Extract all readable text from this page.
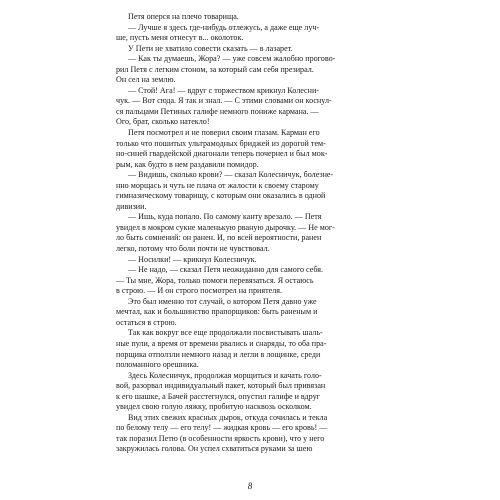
Петя оперся на плечо товарища.

— Лучше я здесь где-нибудь отлежусь, а даже еще луч-
ше, пусть меня отнесут в... околоток.

У Пети не хватило совести сказать — в лазарет.

— Как ты думаешь, Жора? — уже совсем жалобно прогово-
рил Петя с легким стоном, за который сам себя презирал.
Он сел на землю.

— Стой! Ага! — вдруг с торжеством крикнул Колесни-
чук. — Вот сюда. Я так и знал. — С этими словами он коснул-
ся пальцами Петиных галифе немного пониже кармана. —
Ого, брат, сколько натекло!

Петя посмотрел и не поверил своим глазам. Карман его
только что пошитых ультрамодных бриджей из дорогой тем-
но-синей гвардейской диагонали теперь почернел и был мок-
рым, как будто в нем раздавили помидор.

— Видишь, сколько крови? — сказал Колесничук, болезне-
нно морщась и чуть не плача от жалости к своему старому
гимназическому товарищу, с которым они оказались в одной
дивизии.

— Ишь, куда попало. По самому канту врезало. — Петя
увидел в мокром сукне маленькую рваную дырочку. — Не мог-
ло быть сомнений: он ранен. И, по всей вероятности, ранен
легко, потому что боли почти не чувствовал.

— Носилки! — крикнул Колесничук.

— Не надо, — сказал Петя неожиданно для самого себя.
— Ты мне, Жора, только помоги перевязаться. Я остаюсь
в строю. — И он строго посмотрел на приятеля.

Это был именно тот случай, о котором Петя давно уже
мечтал, как и большинство прапорщиков: быть раненым и
остаться в строю.

Так как вокруг все еще продолжали посвистывать шаль-
ные пули, а время от времени рвались и снаряды, то оба пра-
порщика отползли немного назад и легли в лощинке, среди
поломанного орешника.

Здесь Колесничук, продолжая морщиться и качать голо-
вой, разорвал индивидуальный пакет, который был привязан
к его шашке, а Бачей расстегнулся, опустил галифе и вдруг
увидел свою голую ляжку, пробитую насквозь осколком.

Вид этих свежих красных дырок, откуда сочилась и текла
по белому телу — его телу! — жидкая кровь — его кровь! —
так поразил Петю (в особенности яркость крови), что у него
закружилась голова. Он успел схватиться руками за шею

8
